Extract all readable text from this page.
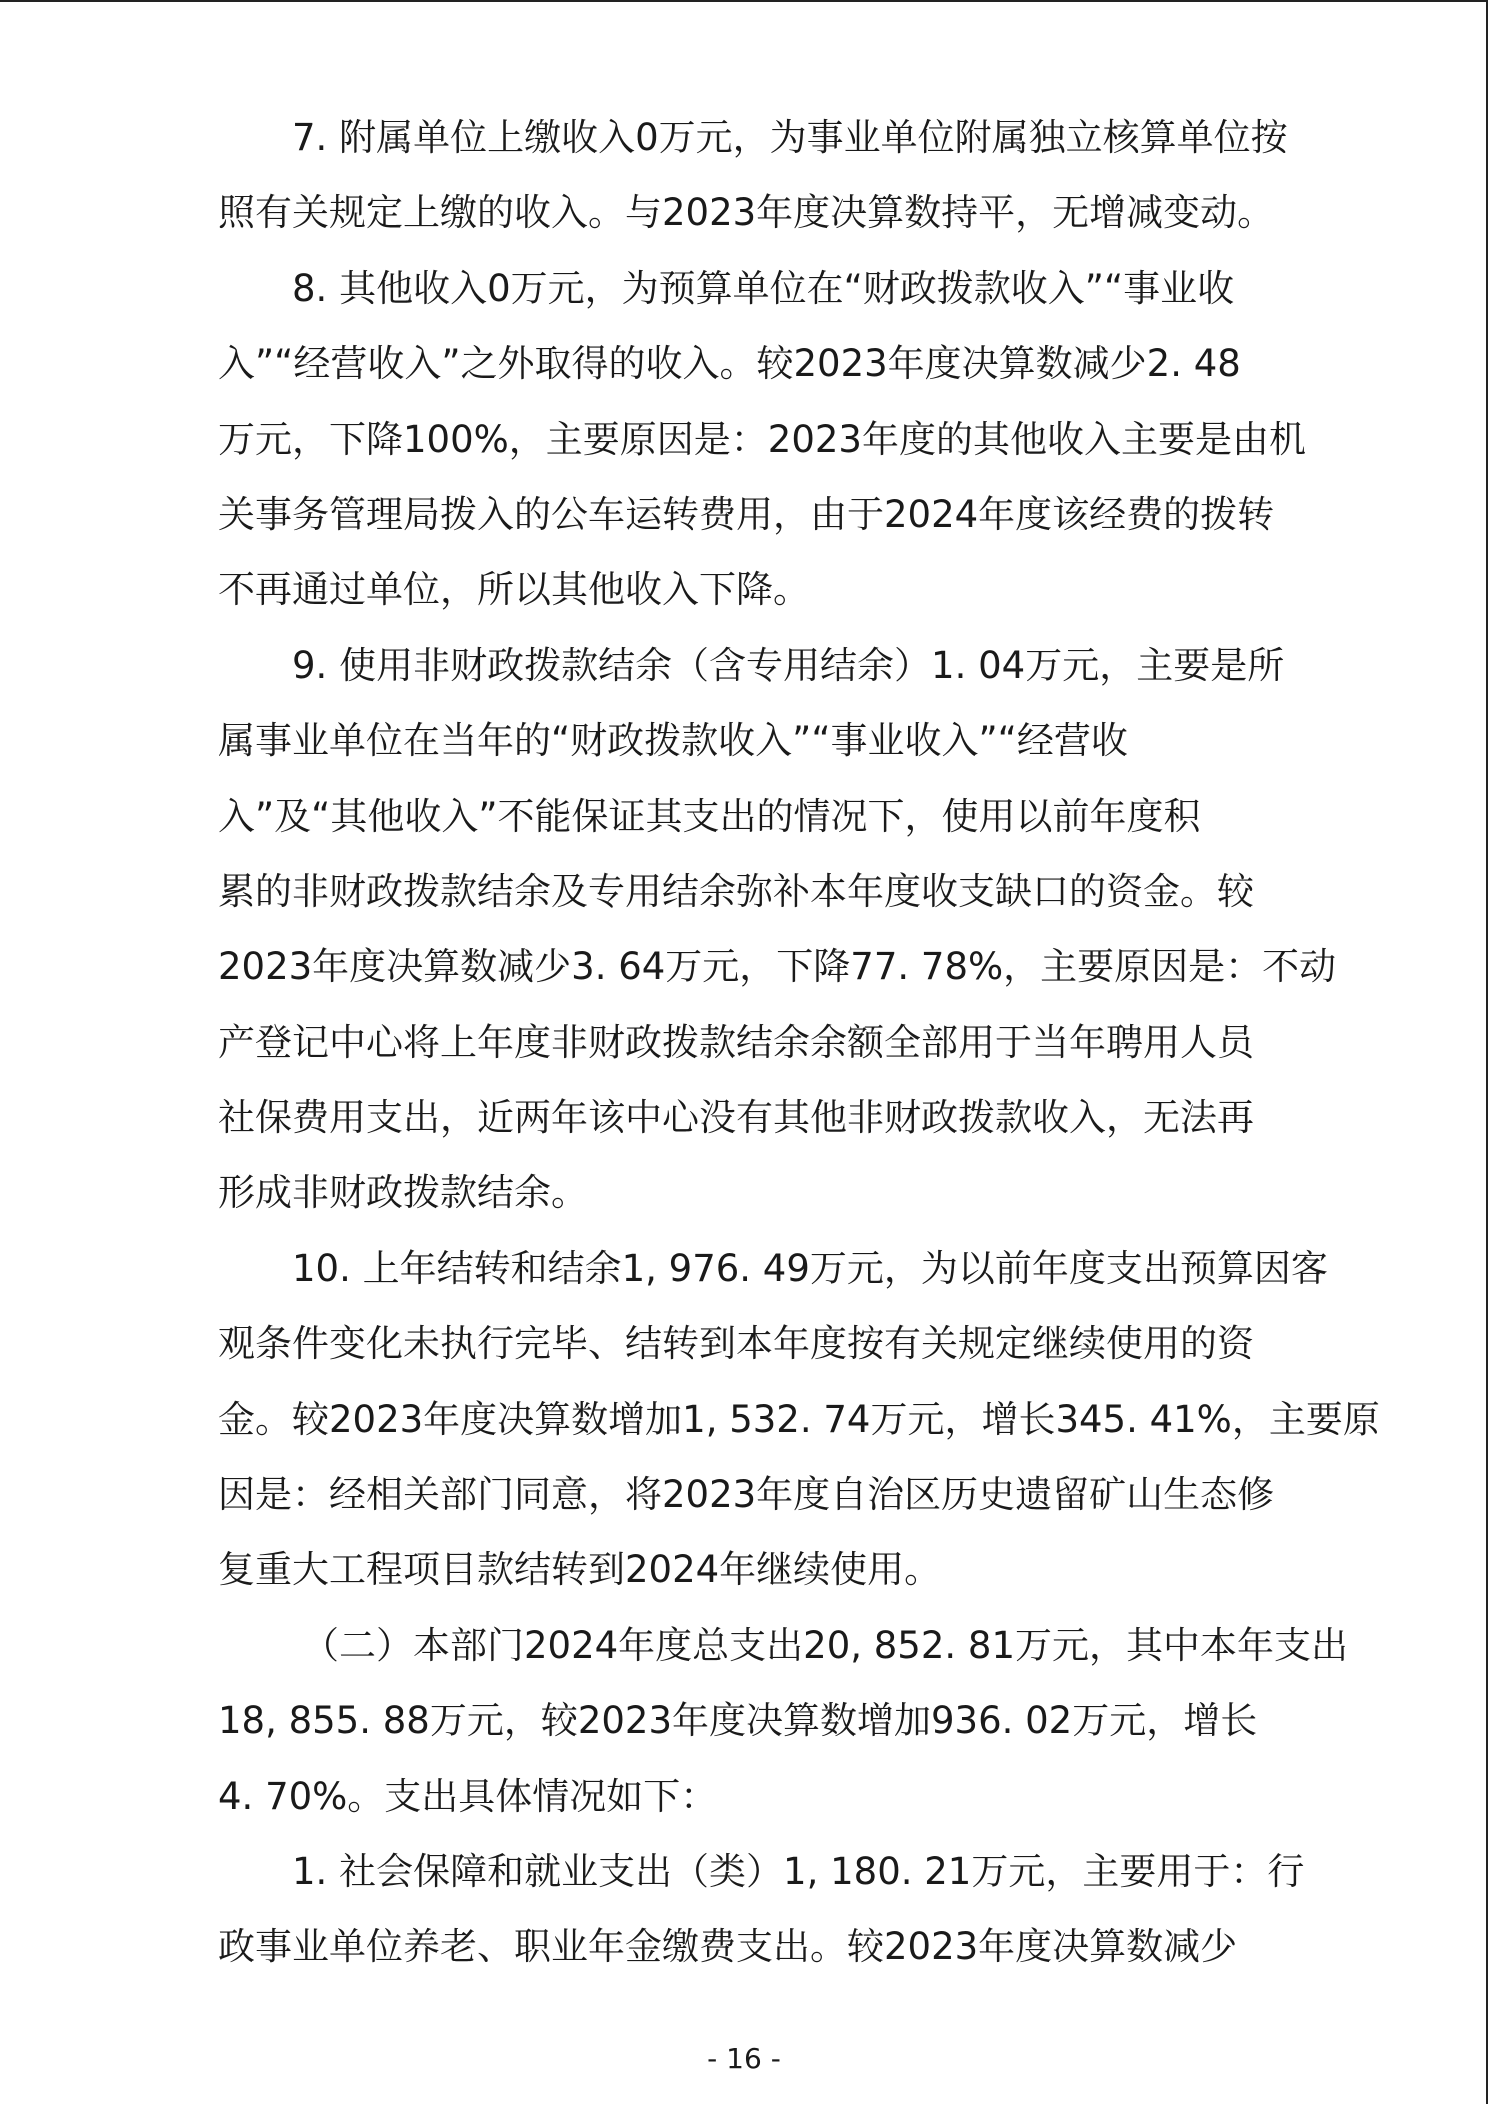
7. 附属单位上缴收入0万元，为事业单位附属独立核算单位按
照有关规定上缴的收入。与2023年度决算数持平，无增减变动。
8. 其他收入0万元，为预算单位在“财政拨款收入”“事业收
入”“经营收入”之外取得的收入。较2023年度决算数减少2. 48
万元，下降100%，主要原因是：2023年度的其他收入主要是由机
关事务管理局拨入的公车运转费用，由于2024年度该经费的拨转
不再通过单位，所以其他收入下降。
9. 使用非财政拨款结余（含专用结余）1. 04万元，主要是所
属事业单位在当年的“财政拨款收入”“事业收入”“经营收
入”及“其他收入”不能保证其支出的情况下，使用以前年度积
累的非财政拨款结余及专用结余弥补本年度收支缺口的资金。较
2023年度决算数减少3. 64万元，下降77. 78%，主要原因是：不动
产登记中心将上年度非财政拨款结余余额全部用于当年聘用人员
社保费用支出，近两年该中心没有其他非财政拨款收入，无法再
形成非财政拨款结余。
10. 上年结转和结余1, 976. 49万元，为以前年度支出预算因客
观条件变化未执行完毕、结转到本年度按有关规定继续使用的资
金。较2023年度决算数增加1, 532. 74万元，增长345. 41%，主要原
因是：经相关部门同意，将2023年度自治区历史遗留矿山生态修
复重大工程项目款结转到2024年继续使用。
（二）本部门2024年度总支出20, 852. 81万元，其中本年支出
18, 855. 88万元，较2023年度决算数增加936. 02万元，增长
4. 70%。支出具体情况如下：
1. 社会保障和就业支出（类）1, 180. 21万元，主要用于：行
政事业单位养老、职业年金缴费支出。较2023年度决算数减少
- 16 -
